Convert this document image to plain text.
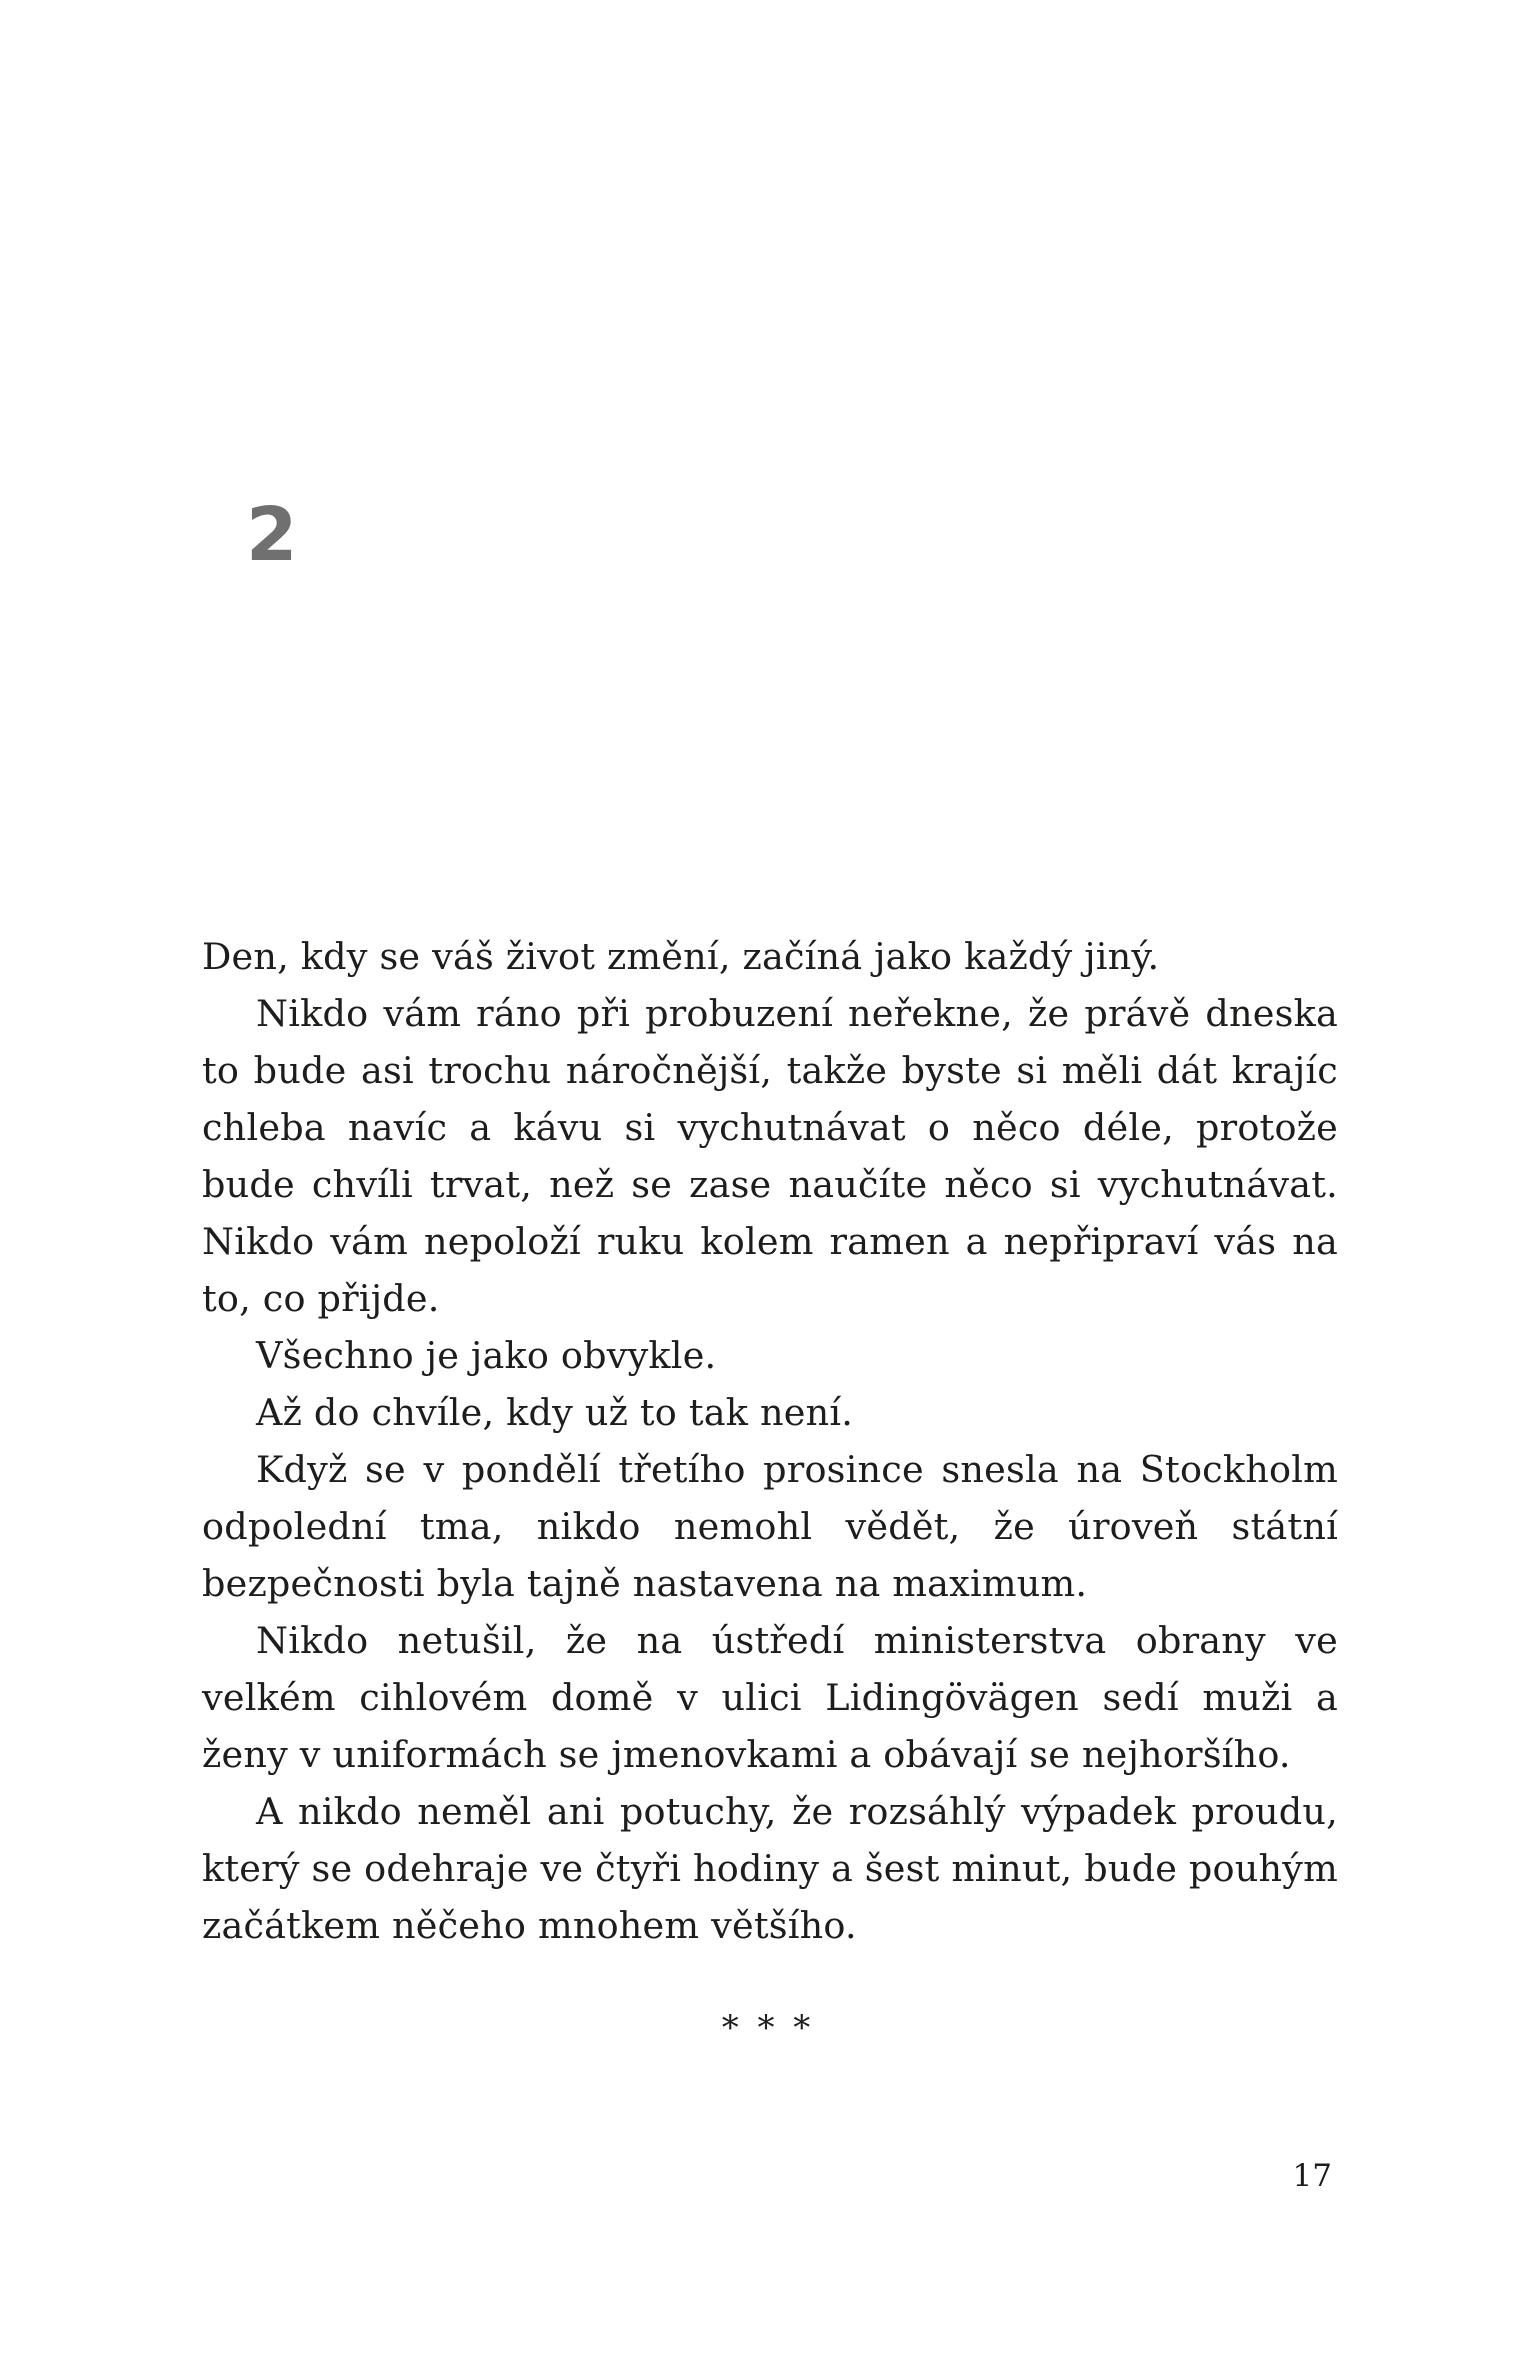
2

Den, kdy se váš život změní, začíná jako každý jiný.

Nikdo vám ráno při probuzení neřekne, že právě dneska to bude asi trochu náročnější, takže byste si měli dát krajíc chleba navíc a kávu si vychutnávat o něco déle, protože bude chvíli trvat, než se zase naučíte něco si vychutnávat. Nikdo vám nepoloží ruku kolem ramen a nepřipraví vás na to, co přijde.

Všechno je jako obvykle.

Až do chvíle, kdy už to tak není.

Když se v pondělí třetího prosince snesla na Stockholm odpolední tma, nikdo nemohl vědět, že úroveň státní bezpečnosti byla tajně nastavena na maximum.

Nikdo netušil, že na ústředí ministerstva obrany ve velkém cihlovém domě v ulici Lidingövägen sedí muži a ženy v uniformách se jmenovkami a obávají se nejhoršího.

A nikdo neměl ani potuchy, že rozsáhlý výpadek proudu, který se odehraje ve čtyři hodiny a šest minut, bude pouhým začátkem něčeho mnohem většího.

* * *
17
